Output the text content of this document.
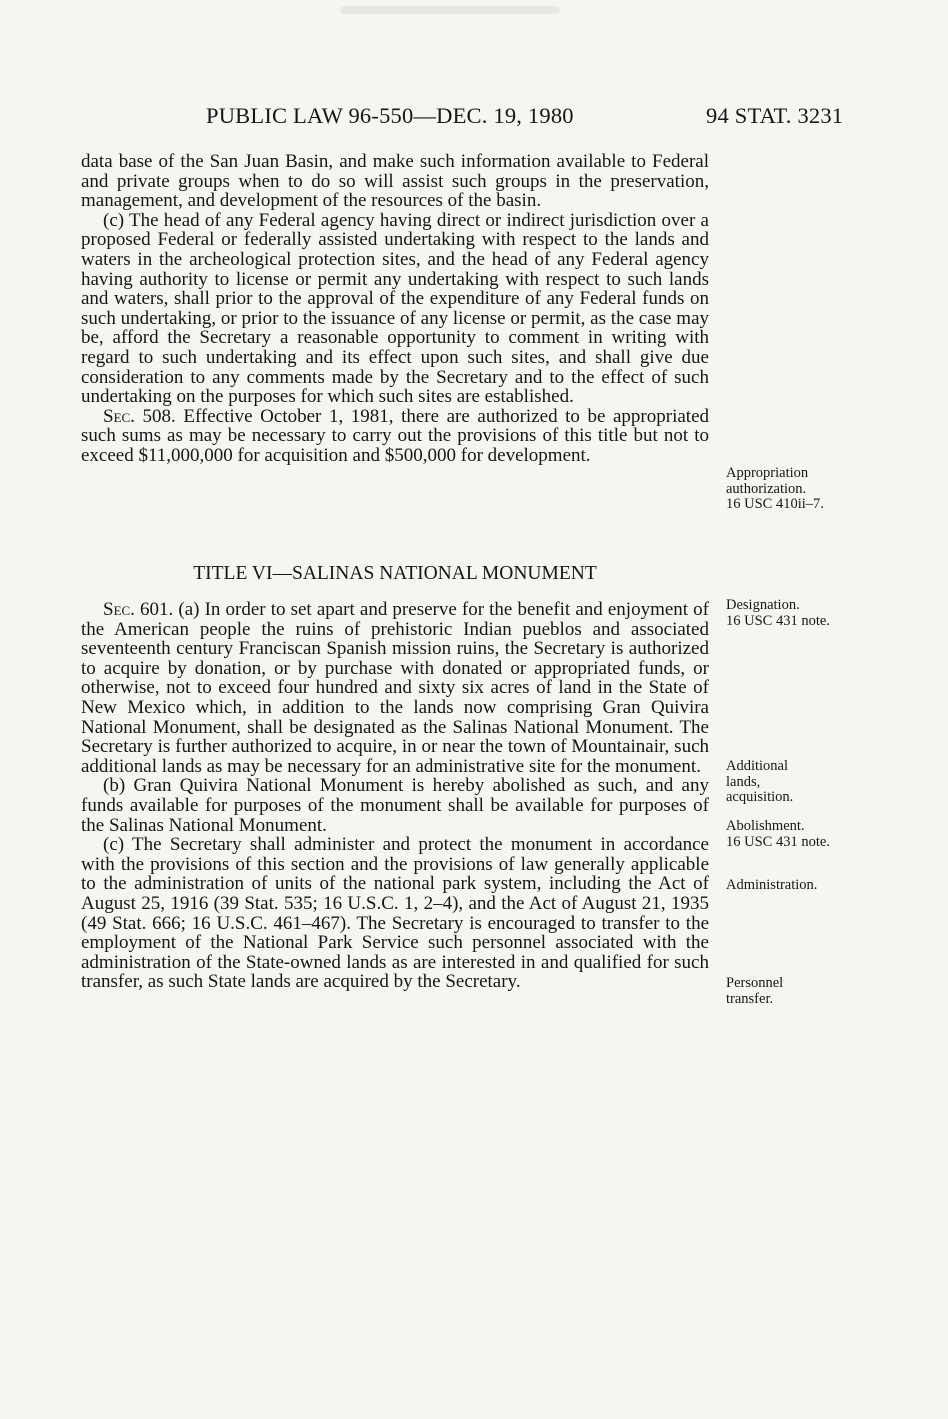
PUBLIC LAW 96-550—DEC. 19, 1980	94 STAT. 3231

data base of the San Juan Basin, and make such information available to Federal and private groups when to do so will assist such groups in the preservation, management, and development of the resources of the basin.

(c) The head of any Federal agency having direct or indirect jurisdiction over a proposed Federal or federally assisted undertaking with respect to the lands and waters in the archeological protection sites, and the head of any Federal agency having authority to license or permit any undertaking with respect to such lands and waters, shall prior to the approval of the expenditure of any Federal funds on such undertaking, or prior to the issuance of any license or permit, as the case may be, afford the Secretary a reasonable opportunity to comment in writing with regard to such undertaking and its effect upon such sites, and shall give due consideration to any comments made by the Secretary and to the effect of such undertaking on the purposes for which such sites are established.

Sec. 508. Effective October 1, 1981, there are authorized to be appropriated such sums as may be necessary to carry out the provisions of this title but not to exceed $11,000,000 for acquisition and $500,000 for development.

TITLE VI—SALINAS NATIONAL MONUMENT

Sec. 601. (a) In order to set apart and preserve for the benefit and enjoyment of the American people the ruins of prehistoric Indian pueblos and associated seventeenth century Franciscan Spanish mission ruins, the Secretary is authorized to acquire by donation, or by purchase with donated or appropriated funds, or otherwise, not to exceed four hundred and sixty six acres of land in the State of New Mexico which, in addition to the lands now comprising Gran Quivira National Monument, shall be designated as the Salinas National Monument. The Secretary is further authorized to acquire, in or near the town of Mountainair, such additional lands as may be necessary for an administrative site for the monument.

(b) Gran Quivira National Monument is hereby abolished as such, and any funds available for purposes of the monument shall be available for purposes of the Salinas National Monument.

(c) The Secretary shall administer and protect the monument in accordance with the provisions of this section and the provisions of law generally applicable to the administration of units of the national park system, including the Act of August 25, 1916 (39 Stat. 535; 16 U.S.C. 1, 2–4), and the Act of August 21, 1935 (49 Stat. 666; 16 U.S.C. 461–467). The Secretary is encouraged to transfer to the employment of the National Park Service such personnel associated with the administration of the State-owned lands as are interested in and qualified for such transfer, as such State lands are acquired by the Secretary.

Appropriation
authorization.
16 USC 410ii–7.
Designation.
16 USC 431 note.
Additional
lands,
acquisition.
Abolishment.
16 USC 431 note.
Administration.
Personnel
transfer.
